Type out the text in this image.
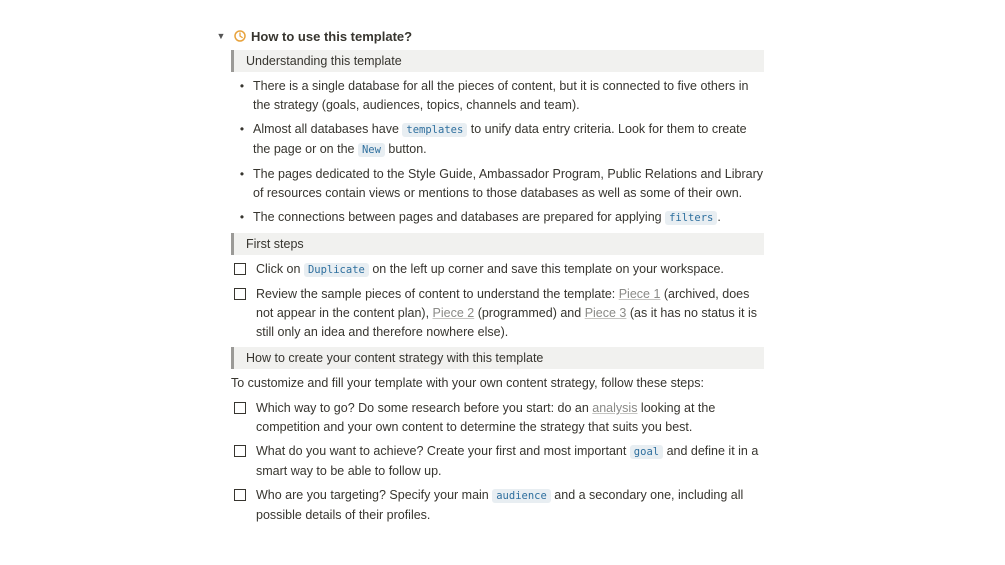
▼ How to use this template?
Understanding this template
• There is a single database for all the pieces of content, but it is connected to five others in the strategy (goals, audiences, topics, channels and team).
• Almost all databases have templates to unify data entry criteria. Look for them to create the page or on the New button.
• The pages dedicated to the Style Guide, Ambassador Program, Public Relations and Library of resources contain views or mentions to those databases as well as some of their own.
• The connections between pages and databases are prepared for applying filters .
First steps
Click on Duplicate on the left up corner and save this template on your workspace.
Review the sample pieces of content to understand the template: Piece 1 (archived, does not appear in the content plan), Piece 2 (programmed) and Piece 3 (as it has no status it is still only an idea and therefore nowhere else).
How to create your content strategy with this template
To customize and fill your template with your own content strategy, follow these steps:
Which way to go? Do some research before you start: do an analysis looking at the competition and your own content to determine the strategy that suits you best.
What do you want to achieve? Create your first and most important goal and define it in a smart way to be able to follow up.
Who are you targeting? Specify your main audience and a secondary one, including all possible details of their profiles.
